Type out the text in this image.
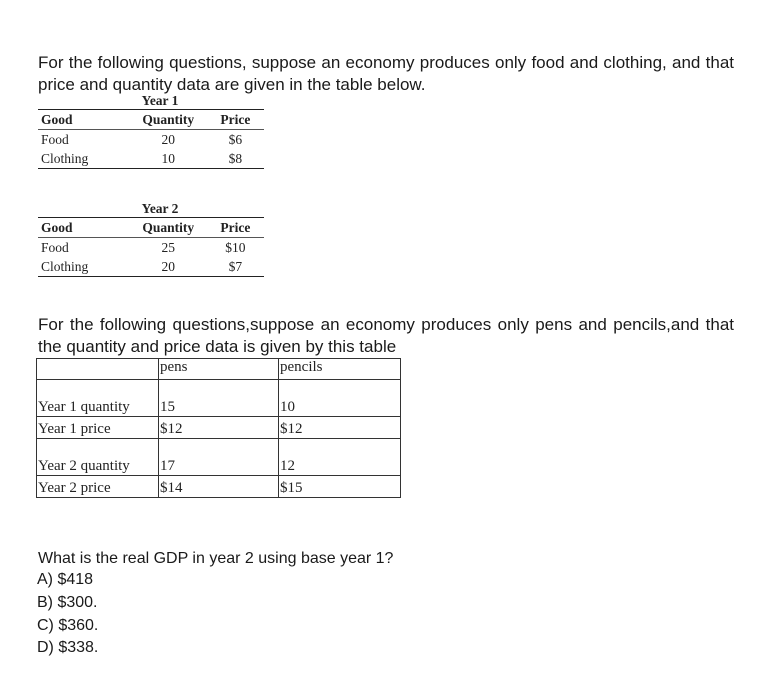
For the following questions, suppose an economy produces only food and clothing, and that price and quantity data are given in the table below.
Year 1
Good	Quantity	Price
Food	20	$6
Clothing	10	$8
Year 2
Good	Quantity	Price
Food	25	$10
Clothing	20	$7
For the following questions,suppose an economy produces only pens and pencils,and that the quantity and price data is given by this table
	pens	pencils
Year 1 quantity	15	10
Year 1 price	$12	$12
Year 2 quantity	17	12
Year 2 price	$14	$15
What is the real GDP in year 2 using base year 1?
A) $418
B) $300.
C) $360.
D) $338.
